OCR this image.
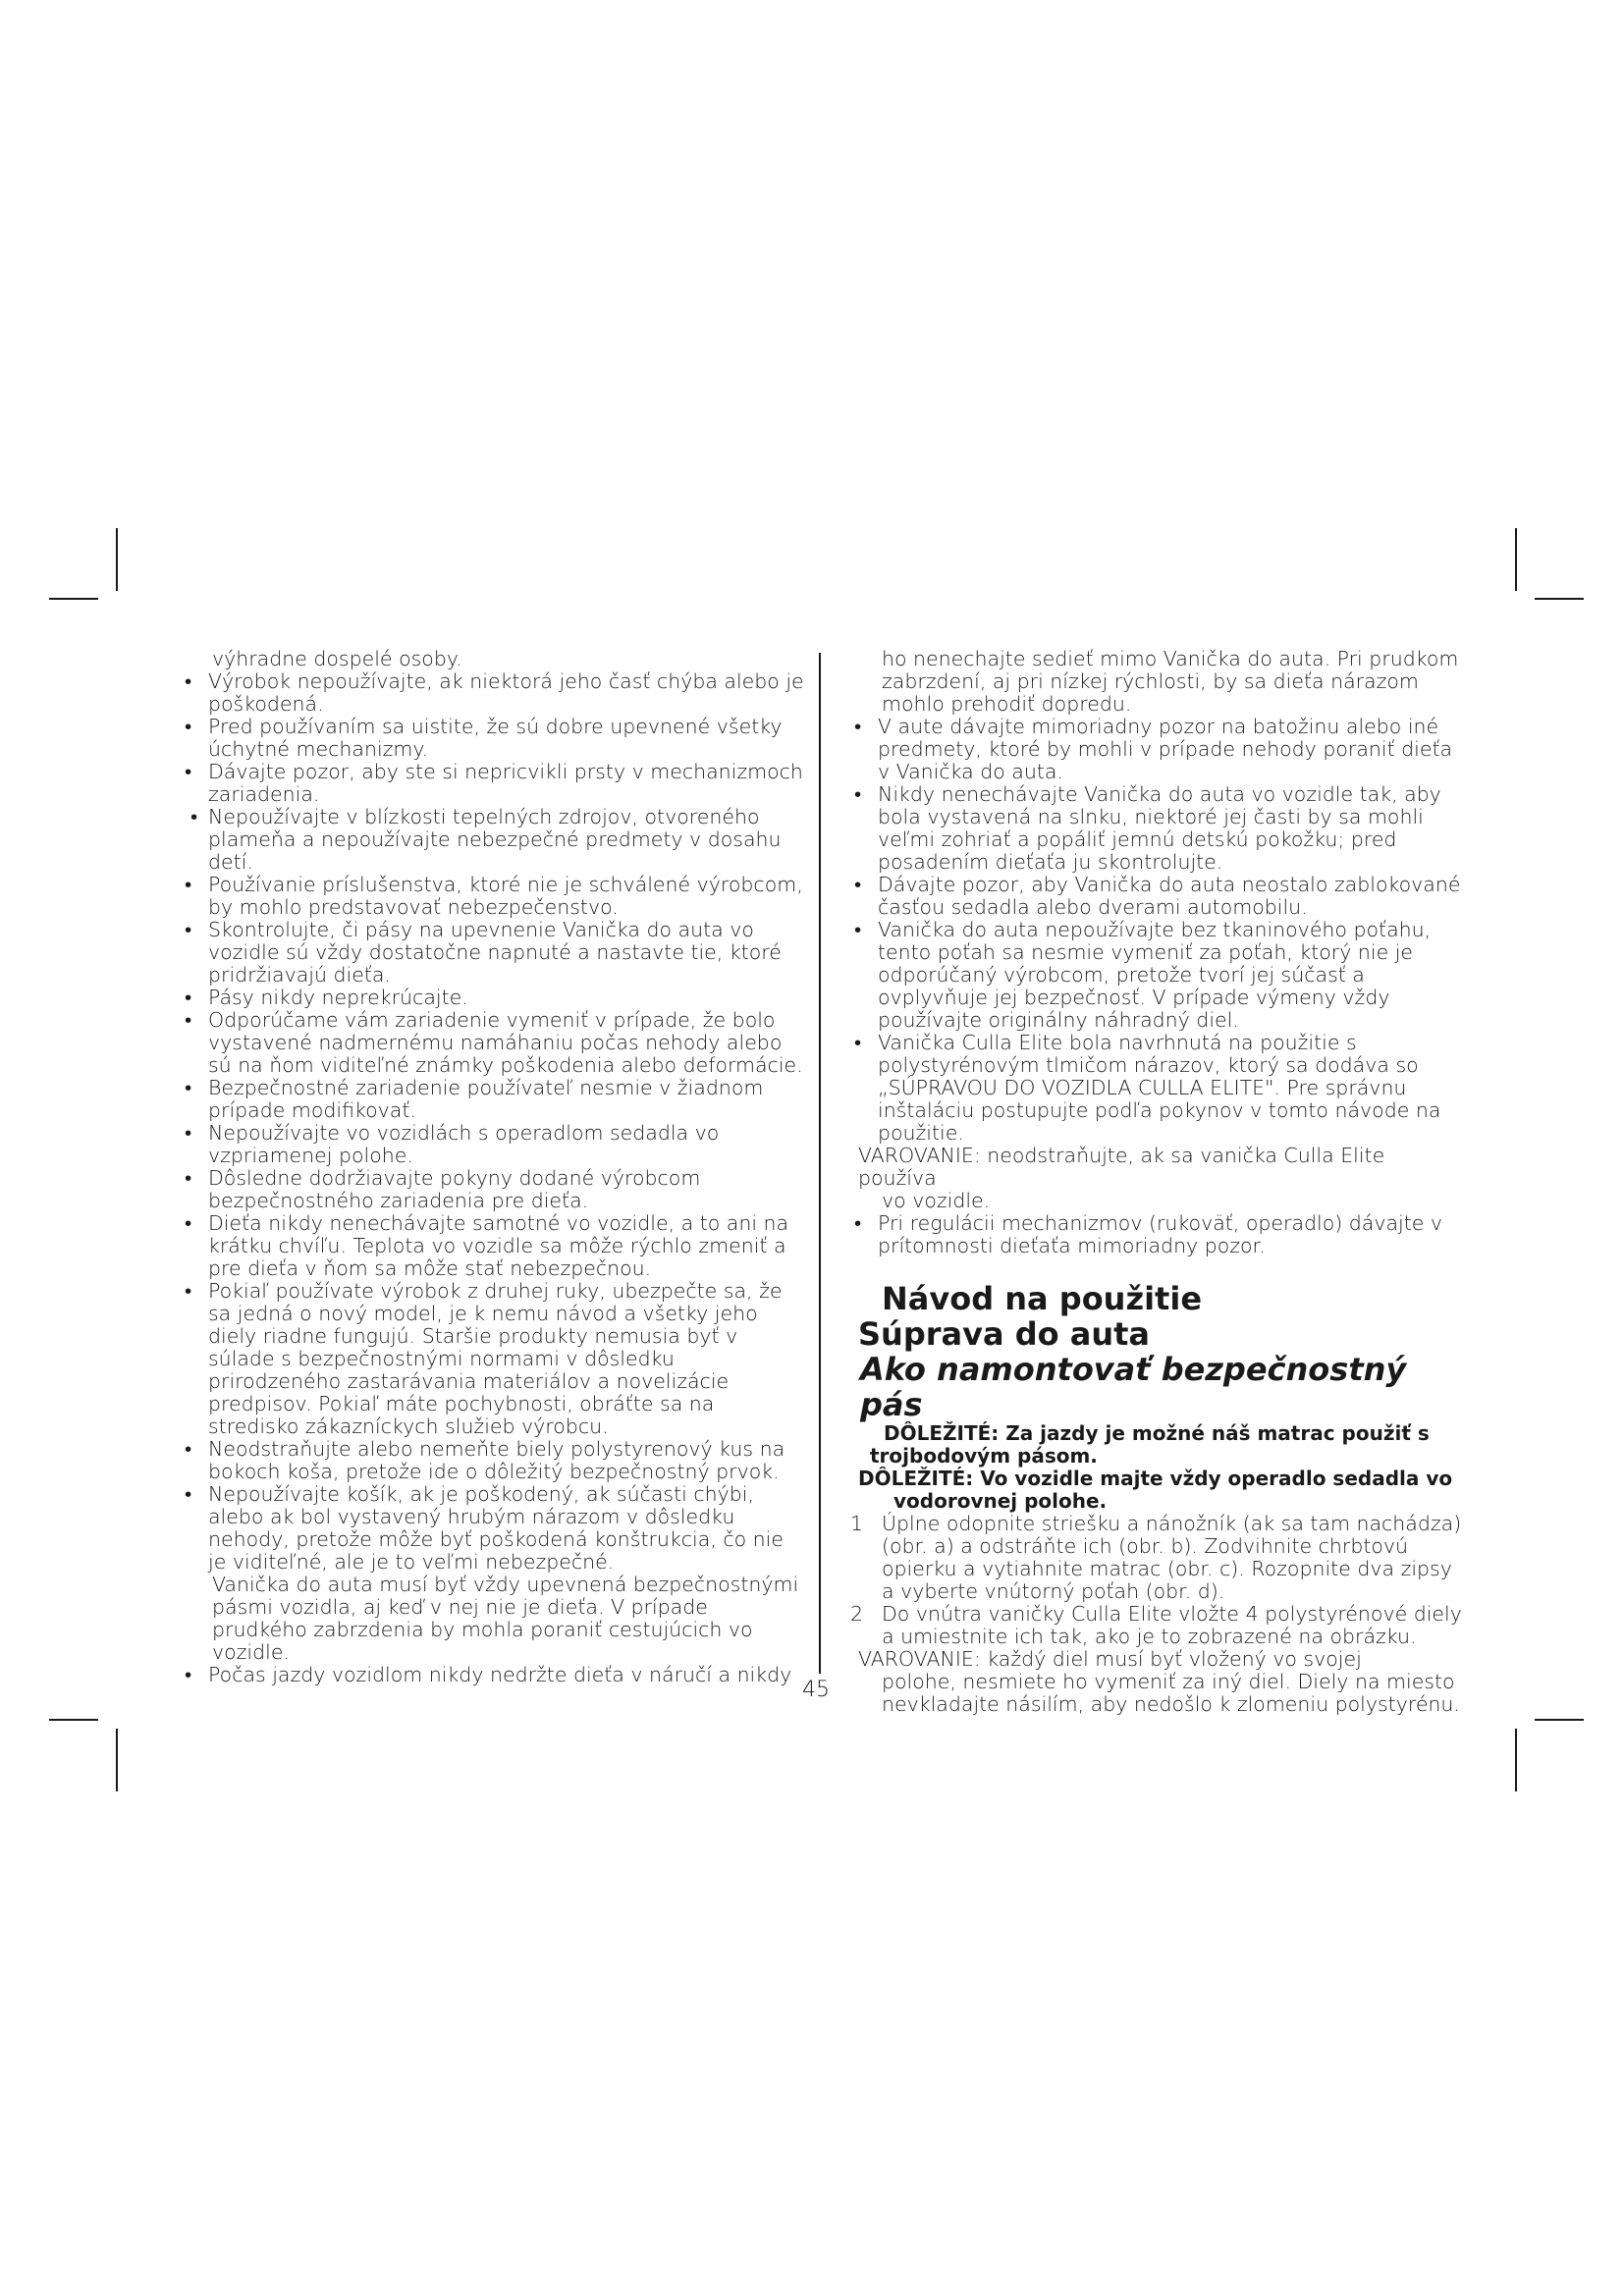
výhradne dospelé osoby.

• Výrobok nepoužívajte, ak niektorá jeho časť chýba alebo je poškodená.
• Pred používaním sa uistite, že sú dobre upevnené všetky úchytné mechanizmy.
• Dávajte pozor, aby ste si nepricvikli prsty v mechanizmoch zariadenia.
• Nepoužívajte v blízkosti tepelných zdrojov, otvoreného plameňa a nepoužívajte nebezpečné predmety v dosahu detí.
• Používanie príslušenstva, ktoré nie je schválené výrobcom, by mohlo predstavovať nebezpečenstvo.
• Skontrolujte, či pásy na upevnenie Vanička do auta vo vozidle sú vždy dostatočne napnuté a nastavte tie, ktoré pridržiavajú dieťa.
• Pásy nikdy neprekrúcajte.
• Odporúčame vám zariadenie vymeniť v prípade, že bolo vystavené nadmernému namáhaniu počas nehody alebo sú na ňom viditeľné známky poškodenia alebo deformácie.
• Bezpečnostné zariadenie používateľ nesmie v žiadnom prípade modifikovať.
• Nepoužívajte vo vozidlách s operadlom sedadla vo vzpriamenej polohe.
• Dôsledne dodržiavajte pokyny dodané výrobcom bezpečnostného zariadenia pre dieťa.
• Dieťa nikdy nenechávajte samotné vo vozidle, a to ani na krátku chvíľu. Teplota vo vozidle sa môže rýchlo zmeniť a pre dieťa v ňom sa môže stať nebezpečnou.
• Pokiaľ používate výrobok z druhej ruky, ubezpečte sa, že sa jedná o nový model, je k nemu návod a všetky jeho diely riadne fungujú. Staršie produkty nemusia byť v súlade s bezpečnostnými normami v dôsledku prirodzeného zastarávania materiálov a novelizácie predpisov. Pokiaľ máte pochybnosti, obráťte sa na stredisko zákazníckych služieb výrobcu.
• Neodstraňujte alebo nemeňte biely polystyrenový kus na bokoch koša, pretože ide o dôležitý bezpečnostný prvok.
• Nepoužívajte košík, ak je poškodený, ak súčasti chýbi, alebo ak bol vystavený hrubým nárazom v dôsledku nehody, pretože môže byť poškodená konštrukcia, čo nie je viditeľné, ale je to veľmi nebezpečné.

Vanička do auta musí byť vždy upevnená bezpečnostnými pásmi vozidla, aj keď v nej nie je dieťa. V prípade prudkého zabrzdenia by mohla poraniť cestujúcich vo vozidle.

• Počas jazdy vozidlom nikdy nedržte dieťa v náručí a nikdy
45

ho nenechajte sedieť mimo Vanička do auta. Pri prudkom zabrzdení, aj pri nízkej rýchlosti, by sa dieťa nárazom mohlo prehodiť dopredu.

• V aute dávajte mimoriadny pozor na batožinu alebo iné predmety, ktoré by mohli v prípade nehody poraniť dieťa v Vanička do auta.
• Nikdy nenechávajte Vanička do auta vo vozidle tak, aby bola vystavená na slnku, niektoré jej časti by sa mohli veľmi zohriať a popáliť jemnú detskú pokožku; pred posadením dieťaťa ju skontrolujte.
• Dávajte pozor, aby Vanička do auta neostalo zablokované časťou sedadla alebo dverami automobilu.
• Vanička do auta nepoužívajte bez tkaninového poťahu, tento poťah sa nesmie vymeniť za poťah, ktorý nie je odporúčaný výrobcom, pretože tvorí jej súčasť a ovplyvňuje jej bezpečnosť. V prípade výmeny vždy používajte originálny náhradný diel.
• Vanička Culla Elite bola navrhnutá na použitie s polystyrénovým tlmičom nárazov, ktorý sa dodáva so „SÚPRAVOU DO VOZIDLA CULLA ELITE". Pre správnu inštaláciu postupujte podľa pokynov v tomto návode na použitie.

VAROVANIE: neodstraňujte, ak sa vanička Culla Elite používa
vo vozidle.

• Pri regulácii mechanizmov (rukoväť, operadlo) dávajte v prítomnosti dieťaťa mimoriadny pozor.
Návod na použitie
Súprava do auta
Ako namontovať bezpečnostný pás

DÔLEŽITÉ: Za jazdy je možné náš matrac použiť s
trojbodovým pásom.

DÔLEŽITÉ: Vo vozidle majte vždy operadlo sedadla vo
vodorovnej polohe.

1 Úplne odopnite striešku a nánožník (ak sa tam nachádza) (obr. a) a odstráňte ich (obr. b). Zodvihnite chrbtovú opierku a vytiahnite matrac (obr. c). Rozopnite dva zipsy a vyberte vnútorný poťah (obr. d).
2 Do vnútra vaničky Culla Elite vložte 4 polystyrénové diely a umiestnite ich tak, ako je to zobrazené na obrázku.

VAROVANIE: každý diel musí byť vložený vo svojej
polohe, nesmiete ho vymeniť za iný diel. Diely na miesto nevkladajte násilím, aby nedošlo k zlomeniu polystyrénu.
